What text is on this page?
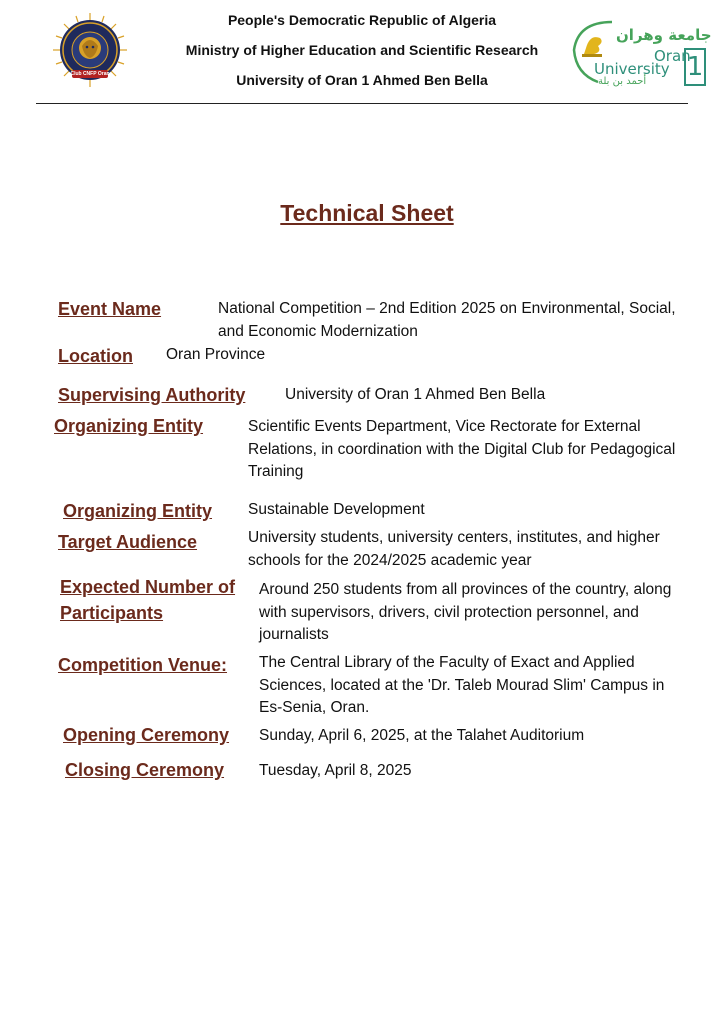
People's Democratic Republic of Algeria
Ministry of Higher Education and Scientific Research
University of Oran 1 Ahmed Ben Bella
Club CNFP Oran
جامعة وهران
Oran
University
أحمد بن بلة 1
Technical Sheet
Event Name	National Competition – 2nd Edition 2025 on Environmental, Social, and Economic Modernization
Location Oran Province
Supervising Authority	University of Oran 1 Ahmed Ben Bella
Organizing Entity	Scientific Events Department, Vice Rectorate for External Relations, in coordination with the Digital Club for Pedagogical Training
Organizing Entity Sustainable Development
Target Audience	University students, university centers, institutes, and higher schools for the 2024/2025 academic year
Expected Number of Participants
Around 250 students from all provinces of the country, along with supervisors, drivers, civil protection personnel, and journalists
Competition Venue: The Central Library of the Faculty of Exact and Applied Sciences, located at the 'Dr. Taleb Mourad Slim' Campus in Es-Senia, Oran.
Opening Ceremony Sunday, April 6, 2025, at the Talahet Auditorium
Closing Ceremony Tuesday, April 8, 2025
